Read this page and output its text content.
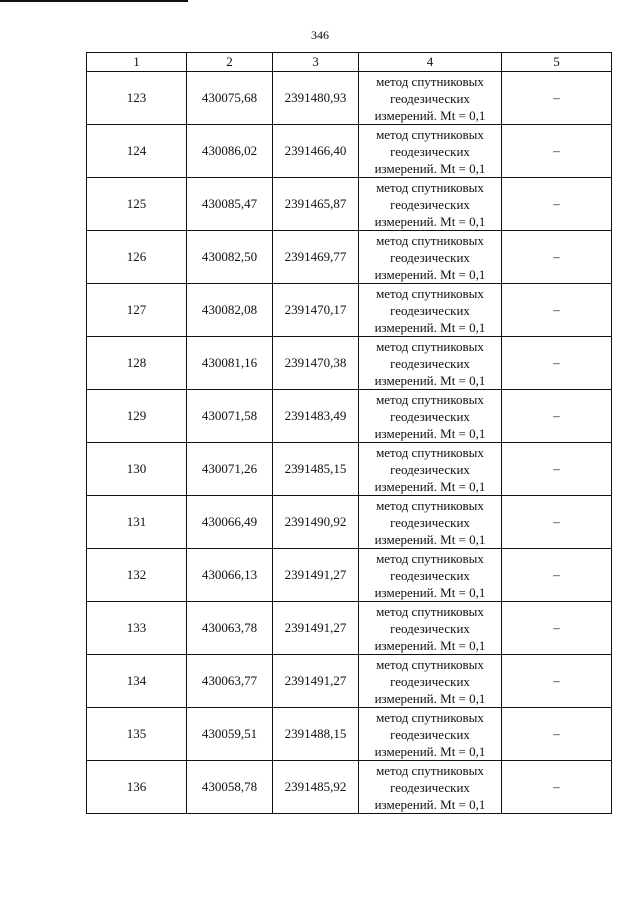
346
1	2	3	4	5
123	430075,68	2391480,93	метод спутниковых
геодезических
измерений. Mt = 0,1	–
124	430086,02	2391466,40	метод спутниковых
геодезических
измерений. Mt = 0,1	–
125	430085,47	2391465,87	метод спутниковых
геодезических
измерений. Mt = 0,1	–
126	430082,50	2391469,77	метод спутниковых
геодезических
измерений. Mt = 0,1	–
127	430082,08	2391470,17	метод спутниковых
геодезических
измерений. Mt = 0,1	–
128	430081,16	2391470,38	метод спутниковых
геодезических
измерений. Mt = 0,1	–
129	430071,58	2391483,49	метод спутниковых
геодезических
измерений. Mt = 0,1	–
130	430071,26	2391485,15	метод спутниковых
геодезических
измерений. Mt = 0,1	–
131	430066,49	2391490,92	метод спутниковых
геодезических
измерений. Mt = 0,1	–
132	430066,13	2391491,27	метод спутниковых
геодезических
измерений. Mt = 0,1	–
133	430063,78	2391491,27	метод спутниковых
геодезических
измерений. Mt = 0,1	–
134	430063,77	2391491,27	метод спутниковых
геодезических
измерений. Mt = 0,1	–
135	430059,51	2391488,15	метод спутниковых
геодезических
измерений. Mt = 0,1	–
136	430058,78	2391485,92	метод спутниковых
геодезических
измерений. Mt = 0,1	–
